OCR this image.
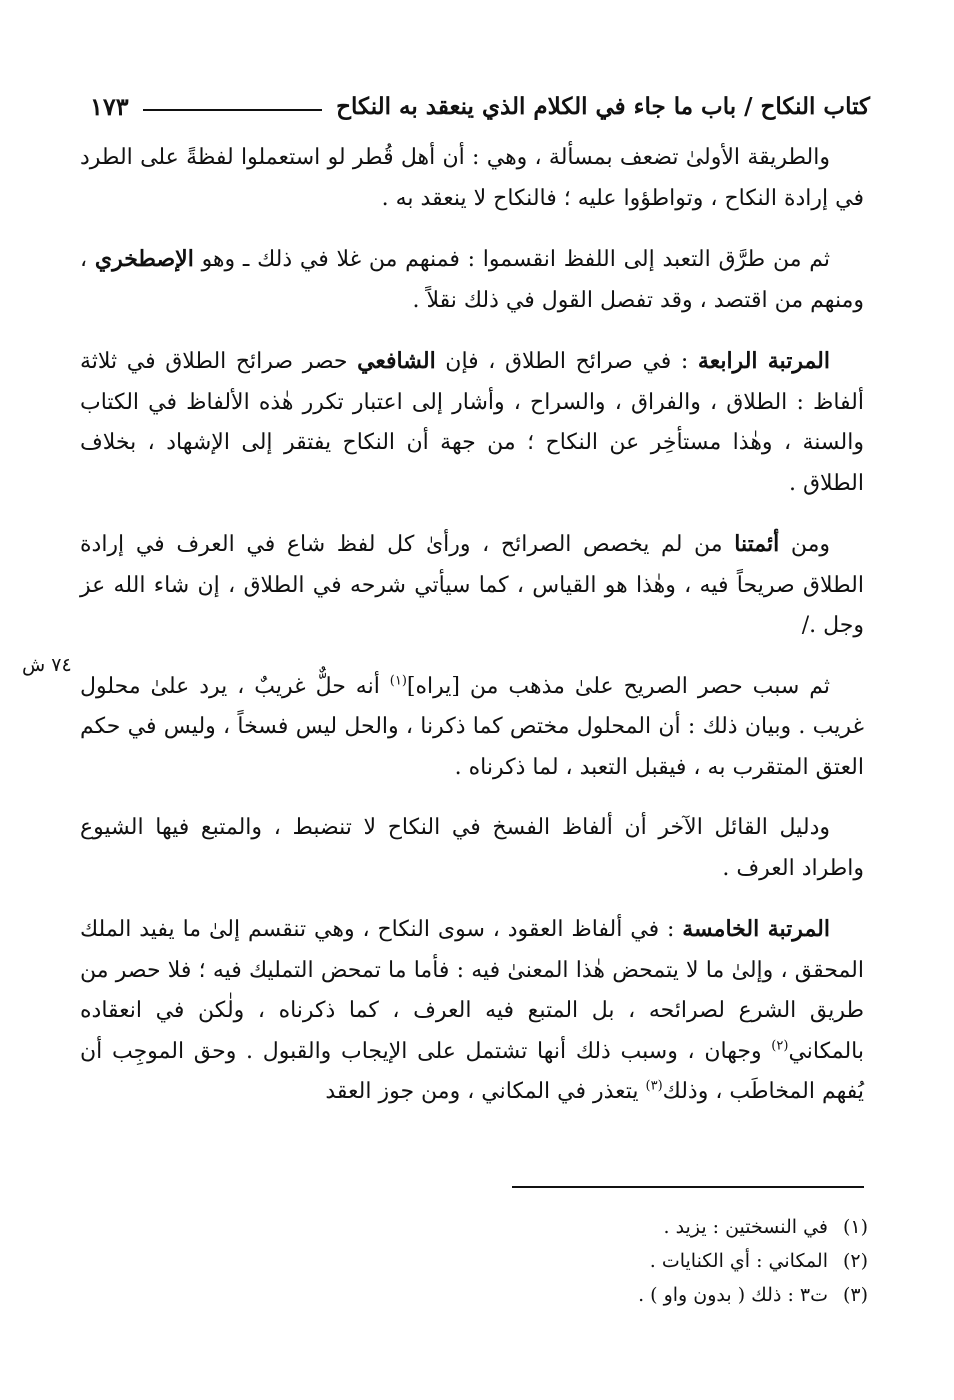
كتاب النكاح / باب ما جاء في الكلام الذي ينعقد به النكاح
١٧٣
٧٤ ش

والطريقة الأولىٰ تضعف بمسألة ، وهي : أن أهل قُطر لو استعملوا لفظةً على الطرد في إرادة النكاح ، وتواطؤوا عليه ؛ فالنكاح لا ينعقد به .

ثم من طرَّق التعبد إلى اللفظ انقسموا : فمنهم من غلا في ذلك ـ وهو الإصطخري ، ومنهم من اقتصد ، وقد تفصل القول في ذلك نقلاً .

المرتبة الرابعة : في صرائح الطلاق ، فإن الشافعي حصر صرائح الطلاق في ثلاثة ألفاظ : الطلاق ، والفراق ، والسراح ، وأشار إلى اعتبار تكرر هٰذه الألفاظ في الكتاب والسنة ، وهٰذا مستأخِر عن النكاح ؛ من جهة أن النكاح يفتقر إلى الإشهاد ، بخلاف الطلاق .

ومن أئمتنا من لم يخصص الصرائح ، ورأىٰ كل لفظ شاع في العرف في إرادة الطلاق صريحاً فيه ، وهٰذا هو القياس ، كما سيأتي شرحه في الطلاق ، إن شاء الله عز وجل ./

ثم سبب حصر الصريح علىٰ مذهب من [يراه]$^{(١)}$ أنه حلٌّ غريبٌ ، يرد علىٰ محلول غريب . وبيان ذلك : أن المحلول مختص كما ذكرنا ، والحل ليس فسخاً ، وليس في حكم العتق المتقرب به ، فيقبل التعبد ، لما ذكرناه .

ودليل القائل الآخر أن ألفاظ الفسخ في النكاح لا تنضبط ، والمتبع فيها الشيوع واطراد العرف .

المرتبة الخامسة : في ألفاظ العقود ، سوى النكاح ، وهي تنقسم إلىٰ ما يفيد الملك المحقق ، وإلىٰ ما لا يتمحض هٰذا المعنىٰ فيه : فأما ما تمحض التمليك فيه ؛ فلا حصر من طريق الشرع لصرائحه ، بل المتبع فيه العرف ، كما ذكرناه ، ولٰكن في انعقاده بالمكاني$^{(٢)}$ وجهان ، وسبب ذلك أنها تشتمل على الإيجاب والقبول . وحق الموجِب أن يُفهم المخاطَب ، وذلك$^{(٣)}$ يتعذر في المكاني ، ومن جوز العقد

(١)
في النسختين : يزيد .
(٢)
المكاني : أي الكنايات .
(٣)
ت٣ : ذلك ( بدون واو ) .
